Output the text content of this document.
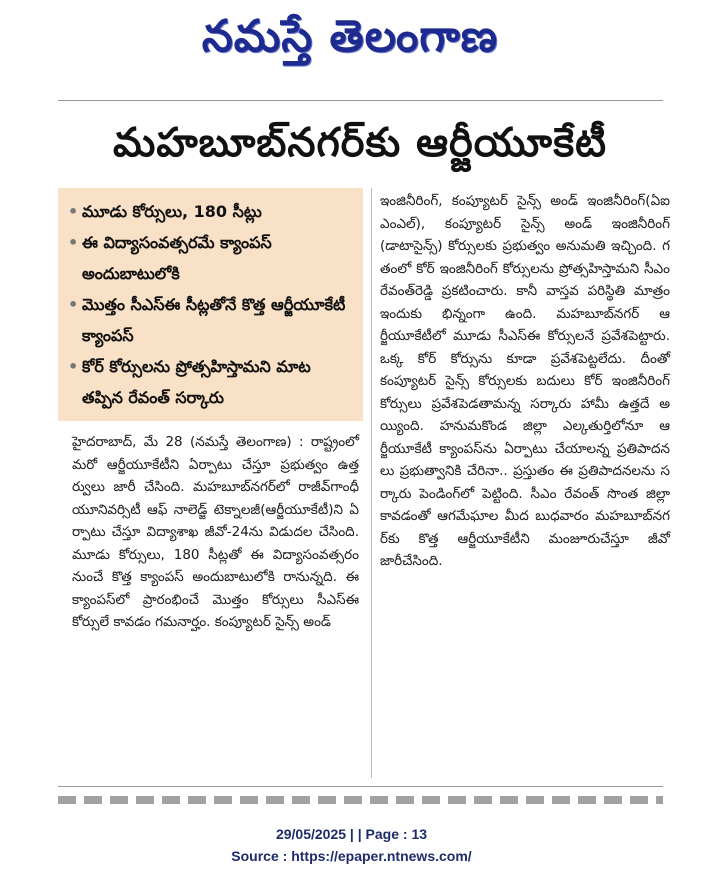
నమస్తే తెలంగాణ
మహబూబ్‌నగర్‌కు ఆర్జీయూకేటీ
• మూడు కోర్సులు, 180 సీట్లు
• ఈ విద్యాసంవత్సరమే క్యాంపస్ అందుబాటులోకి
• మొత్తం సీఎస్‌ఈ సీట్లతోనే కొత్త ఆర్జీయూకేటీ క్యాంపస్
• కోర్ కోర్సులను ప్రోత్సహిస్తామని మాట తప్పిన రేవంత్ సర్కారు

హైదరాబాద్, మే 28 (నమస్తే తెలంగాణ) : రాష్ట్రంలో మరో ఆర్జీయూకేటీని ఏర్పాటు చేస్తూ ప్రభుత్వం ఉత్తర్వులు జారీ చేసింది. మహబూబ్‌నగర్‌లో రాజీవ్‌గాంధీ యూనివర్సిటీ ఆఫ్ నాలెడ్జ్ టెక్నాలజీ(ఆర్జీయూకేటీ)ని ఏర్పాటు చేస్తూ విద్యాశాఖ జీవో-24ను విడుదల చేసింది. మూడు కోర్సులు, 180 సీట్లతో ఈ విద్యాసంవత్సరం నుంచే కొత్త క్యాంపస్ అందుబాటులోకి రానున్నది. ఈ క్యాంపస్‌లో ప్రారంభించే మొత్తం కోర్సులు సీఎస్‌ఈ కోర్సులే కావడం గమనార్హం. కంప్యూటర్ సైన్స్ అండ్

ఇంజినీరింగ్, కంప్యూటర్ సైన్స్ అండ్ ఇంజినీరింగ్(ఏఐఎంఎల్), కంప్యూటర్ సైన్స్ అండ్ ఇంజినీరింగ్ (డాటాసైన్స్) కోర్సులకు ప్రభుత్వం అనుమతి ఇచ్చింది. గతంలో కోర్ ఇంజినీరింగ్ కోర్సులను ప్రోత్సహిస్తామని సీఎం రేవంత్‌రెడ్డి ప్రకటించారు. కానీ వాస్తవ పరిస్థితి మాత్రం ఇందుకు భిన్నంగా ఉంది. మహబూబ్‌నగర్ ఆర్జీయూకేటీలో మూడు సీఎస్‌ఈ కోర్సులనే ప్రవేశపెట్టారు. ఒక్క కోర్ కోర్సును కూడా ప్రవేశపెట్టలేదు. దీంతో కంప్యూటర్ సైన్స్ కోర్సులకు బదులు కోర్ ఇంజినీరింగ్ కోర్సులు ప్రవేశపెడతామన్న సర్కారు హామీ ఉత్తదే అయ్యింది. హనుమకొండ జిల్లా ఎల్కతుర్తిలోనూ ఆర్జీయూకేటీ క్యాంపస్‌ను ఏర్పాటు చేయాలన్న ప్రతిపాదనలు ప్రభుత్వానికి చేరినా.. ప్రస్తుతం ఈ ప్రతిపాదనలను సర్కారు పెండింగ్‌లో పెట్టింది. సీఎం రేవంత్ సొంత జిల్లా కావడంతో ఆగమేఘాల మీద బుధవారం మహబూబ్‌నగర్‌కు కొత్త ఆర్జీయూకేటీని మంజూరుచేస్తూ జీవో జారీచేసింది.

29/05/2025 | | Page : 13
Source : https://epaper.ntnews.com/
